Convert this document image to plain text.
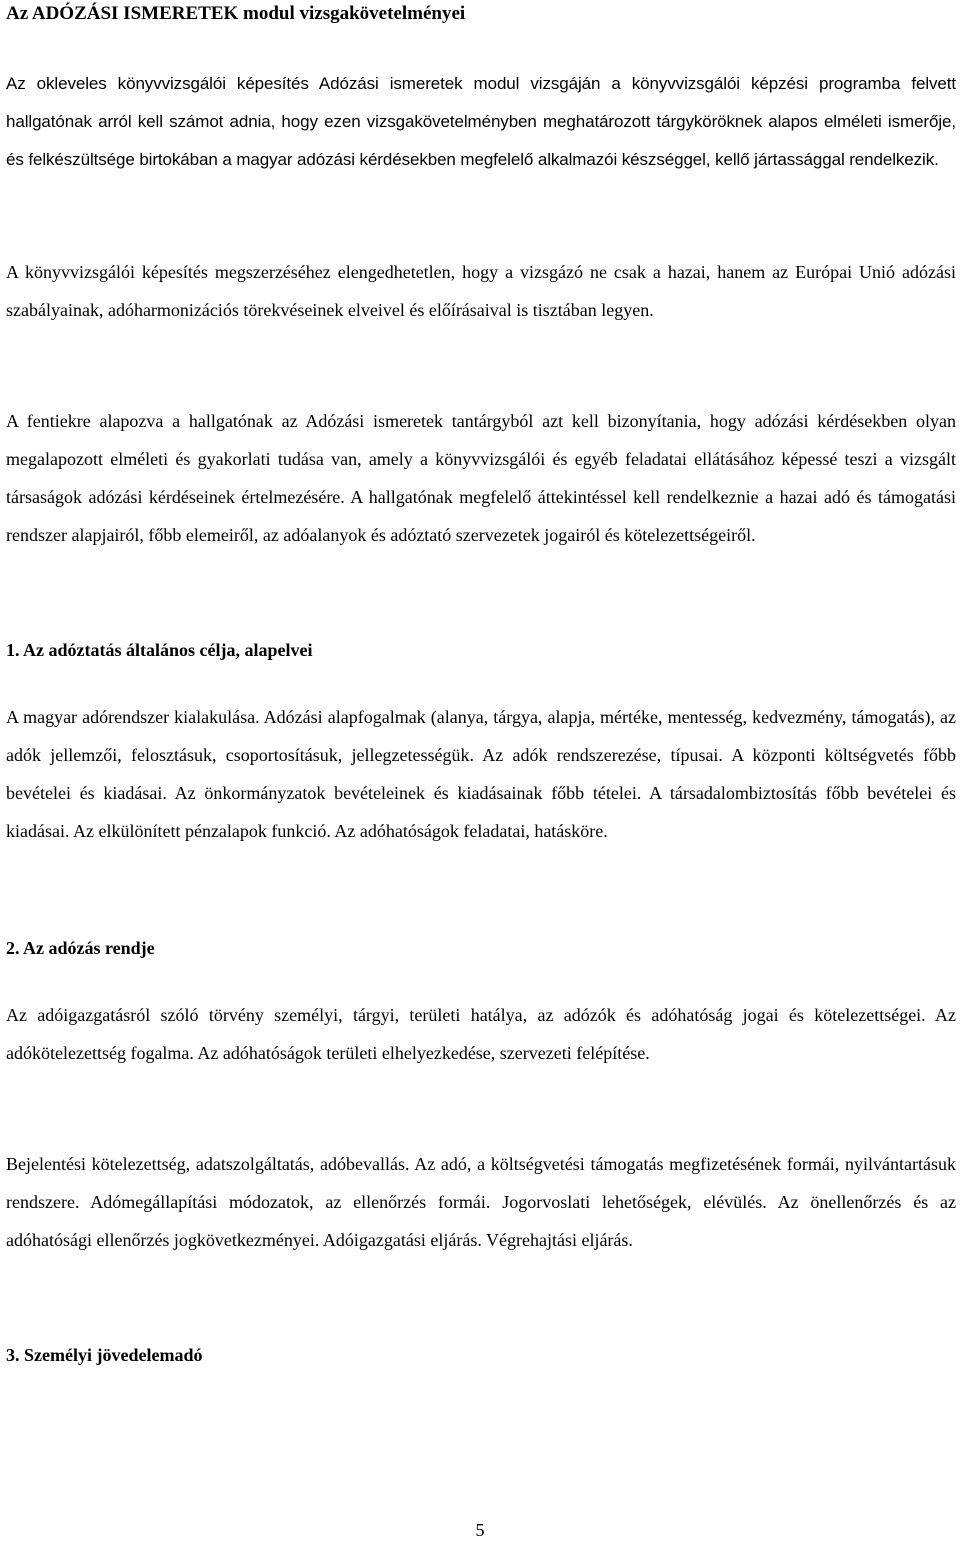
Az ADÓZÁSI ISMERETEK modul vizsgakövetelményei
Az okleveles könyvvizsgálói képesítés Adózási ismeretek modul vizsgáján a könyvvizsgálói képzési programba felvett hallgatónak arról kell számot adnia, hogy ezen vizsgakövetelményben meghatározott tárgyköröknek alapos elméleti ismerője, és felkészültsége birtokában a magyar adózási kérdésekben megfelelő alkalmazói készséggel, kellő jártassággal rendelkezik.
A könyvvizsgálói képesítés megszerzéséhez elengedhetetlen, hogy a vizsgázó ne csak a hazai, hanem az Európai Unió adózási szabályainak, adóharmonizációs törekvéseinek elveivel és előírásaival is tisztában legyen.
A fentiekre alapozva a hallgatónak az Adózási ismeretek tantárgyból azt kell bizonyítania, hogy adózási kérdésekben olyan megalapozott elméleti és gyakorlati tudása van, amely a könyvvizsgálói és egyéb feladatai ellátásához képessé teszi a vizsgált társaságok adózási kérdéseinek értelmezésére. A hallgatónak megfelelő áttekintéssel kell rendelkeznie a hazai adó és támogatási rendszer alapjairól, főbb elemeiről, az adóalanyok és adóztató szervezetek jogairól és kötelezettségeiről.
1. Az adóztatás általános célja, alapelvei
A magyar adórendszer kialakulása. Adózási alapfogalmak (alanya, tárgya, alapja, mértéke, mentesség, kedvezmény, támogatás), az adók jellemzői, felosztásuk, csoportosításuk, jellegzetességük. Az adók rendszerezése, típusai. A központi költségvetés főbb bevételei és kiadásai. Az önkormányzatok bevételeinek és kiadásainak főbb tételei. A társadalombiztosítás főbb bevételei és kiadásai. Az elkülönített pénzalapok funkció. Az adóhatóságok feladatai, hatásköre.
2. Az adózás rendje
Az adóigazgatásról szóló törvény személyi, tárgyi, területi hatálya, az adózók és adóhatóság jogai és kötelezettségei. Az adókötelezettség fogalma. Az adóhatóságok területi elhelyezkedése, szervezeti felépítése.
Bejelentési kötelezettség, adatszolgáltatás, adóbevallás. Az adó, a költségvetési támogatás megfizetésének formái, nyilvántartásuk rendszere. Adómegállapítási módozatok, az ellenőrzés formái. Jogorvoslati lehetőségek, elévülés. Az önellenőrzés és az adóhatósági ellenőrzés jogkövetkezményei. Adóigazgatási eljárás. Végrehajtási eljárás.
3. Személyi jövedelemadó
5
